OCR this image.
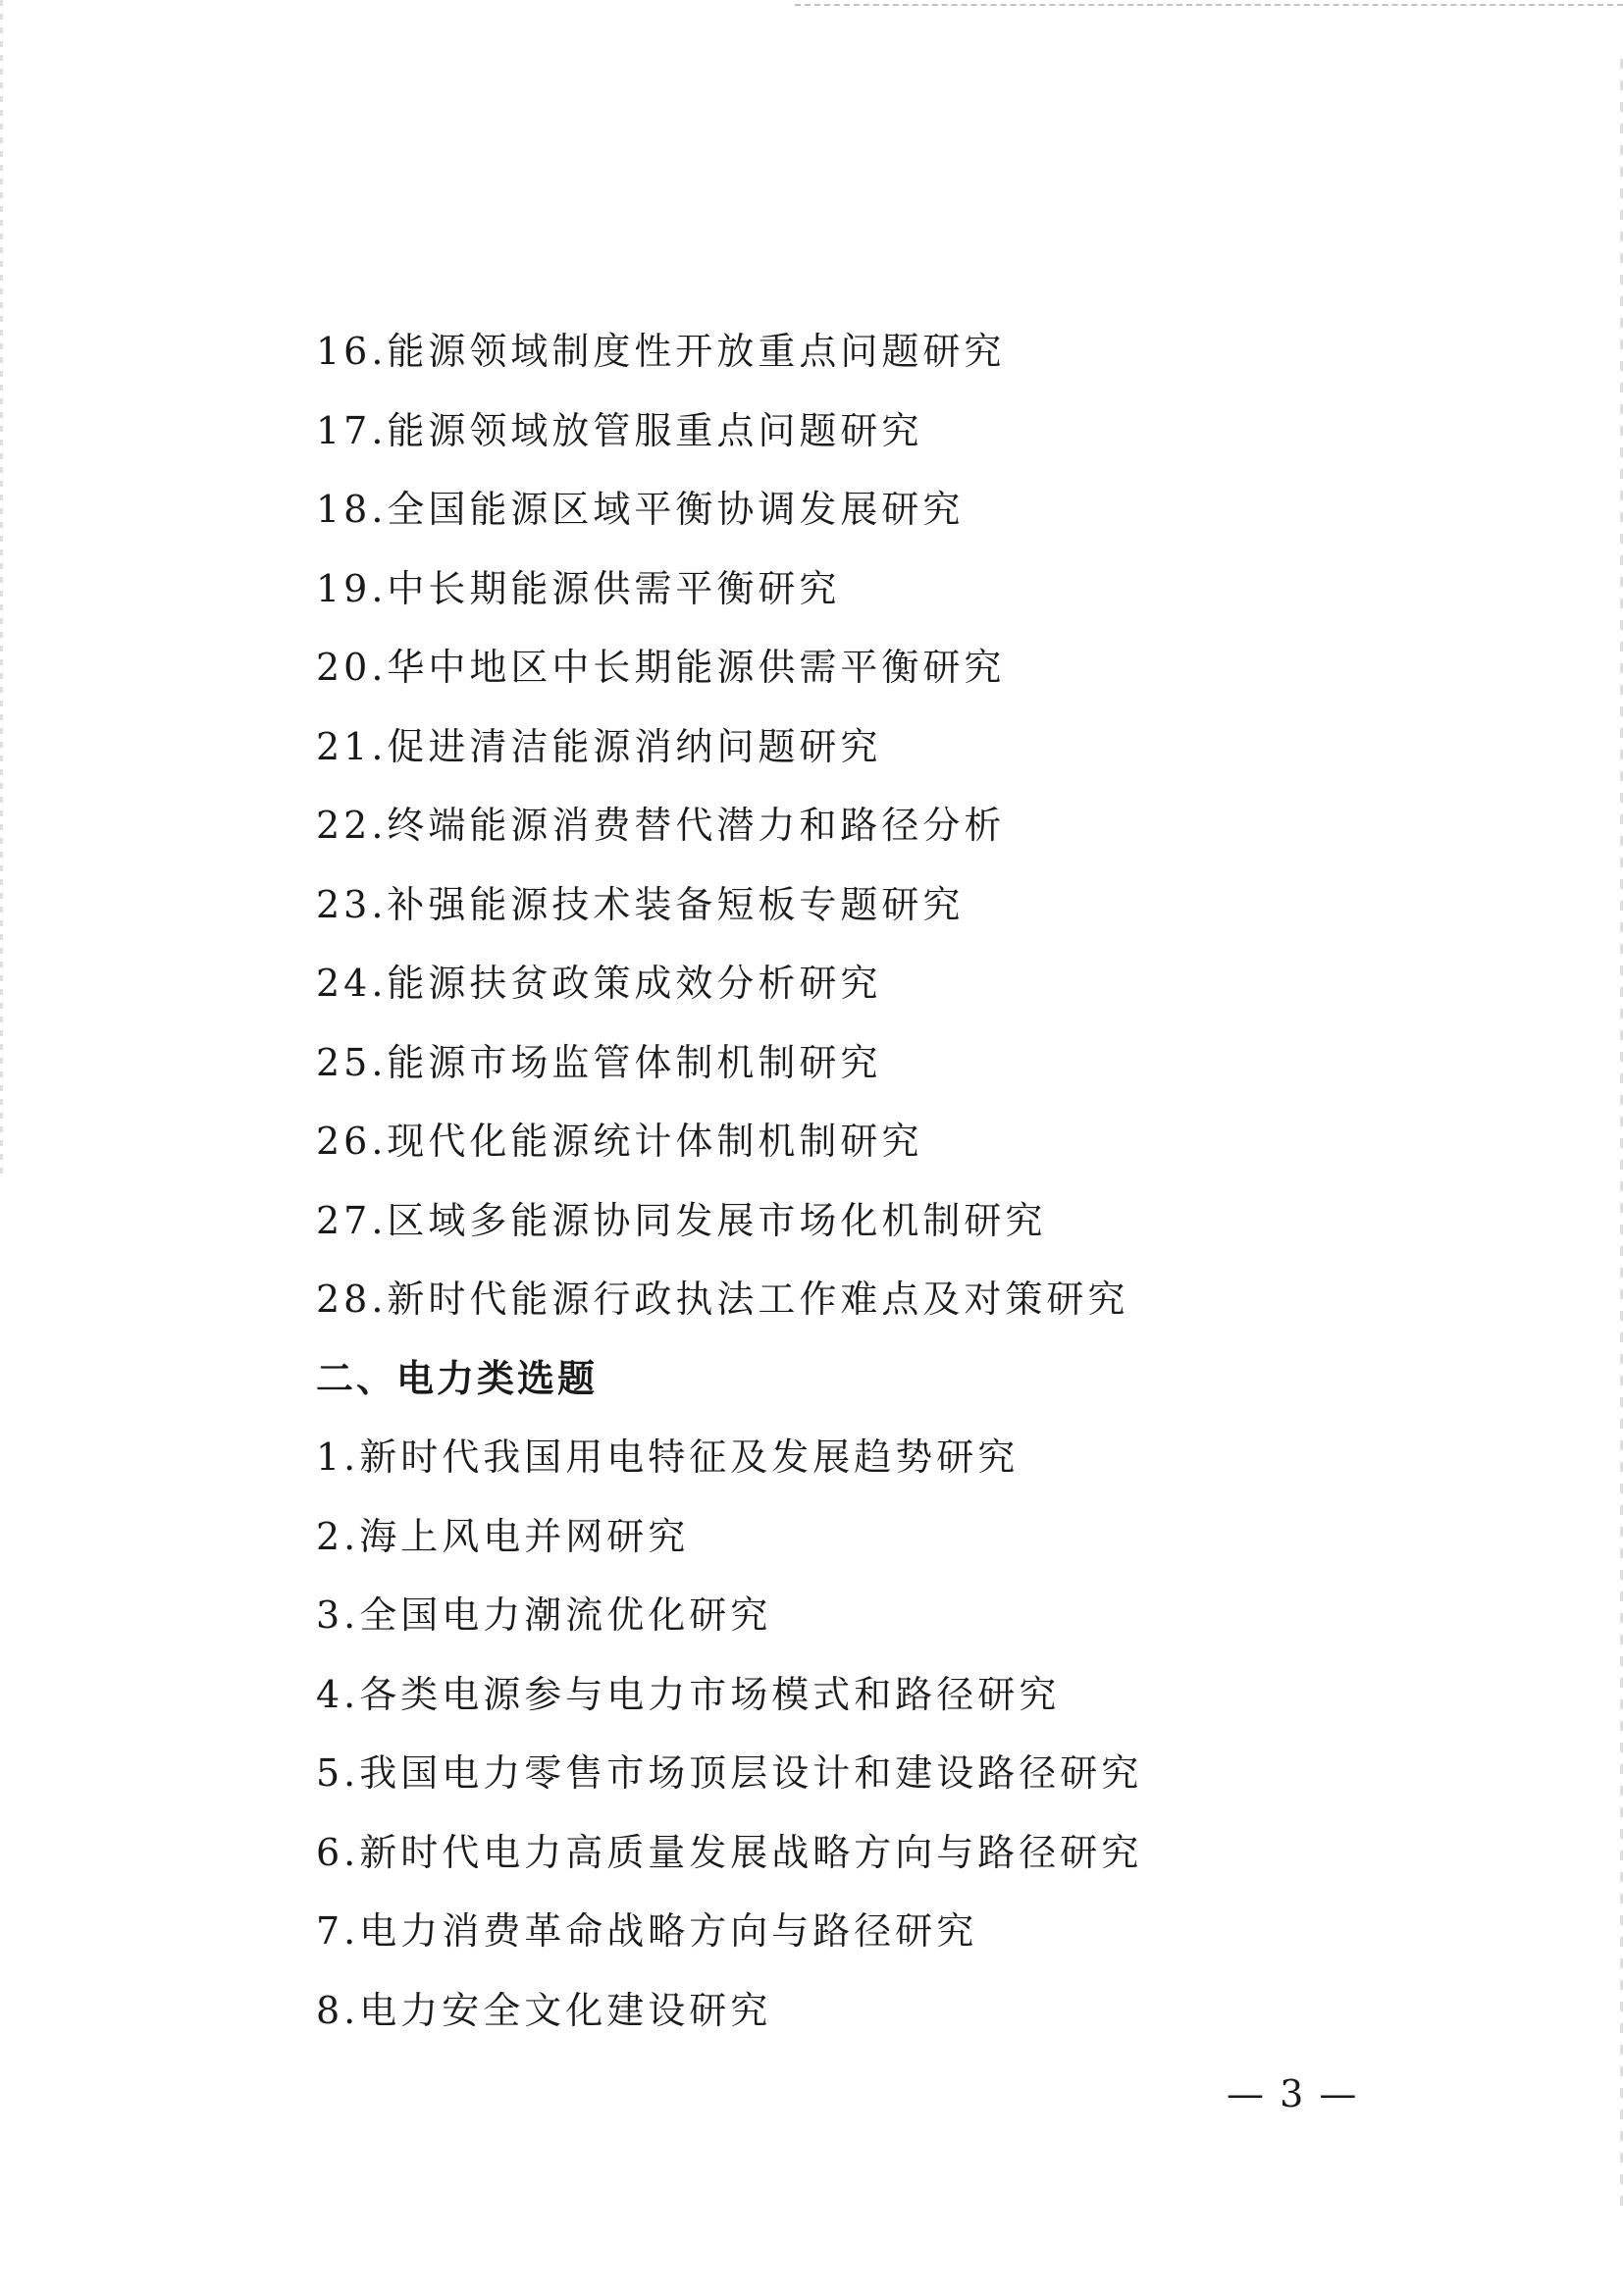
16.能源领域制度性开放重点问题研究
17.能源领域放管服重点问题研究
18.全国能源区域平衡协调发展研究
19.中长期能源供需平衡研究
20.华中地区中长期能源供需平衡研究
21.促进清洁能源消纳问题研究
22.终端能源消费替代潜力和路径分析
23.补强能源技术装备短板专题研究
24.能源扶贫政策成效分析研究
25.能源市场监管体制机制研究
26.现代化能源统计体制机制研究
27.区域多能源协同发展市场化机制研究
28.新时代能源行政执法工作难点及对策研究
二、电力类选题
1.新时代我国用电特征及发展趋势研究
2.海上风电并网研究
3.全国电力潮流优化研究
4.各类电源参与电力市场模式和路径研究
5.我国电力零售市场顶层设计和建设路径研究
6.新时代电力高质量发展战略方向与路径研究
7.电力消费革命战略方向与路径研究
8.电力安全文化建设研究
— 3 —
